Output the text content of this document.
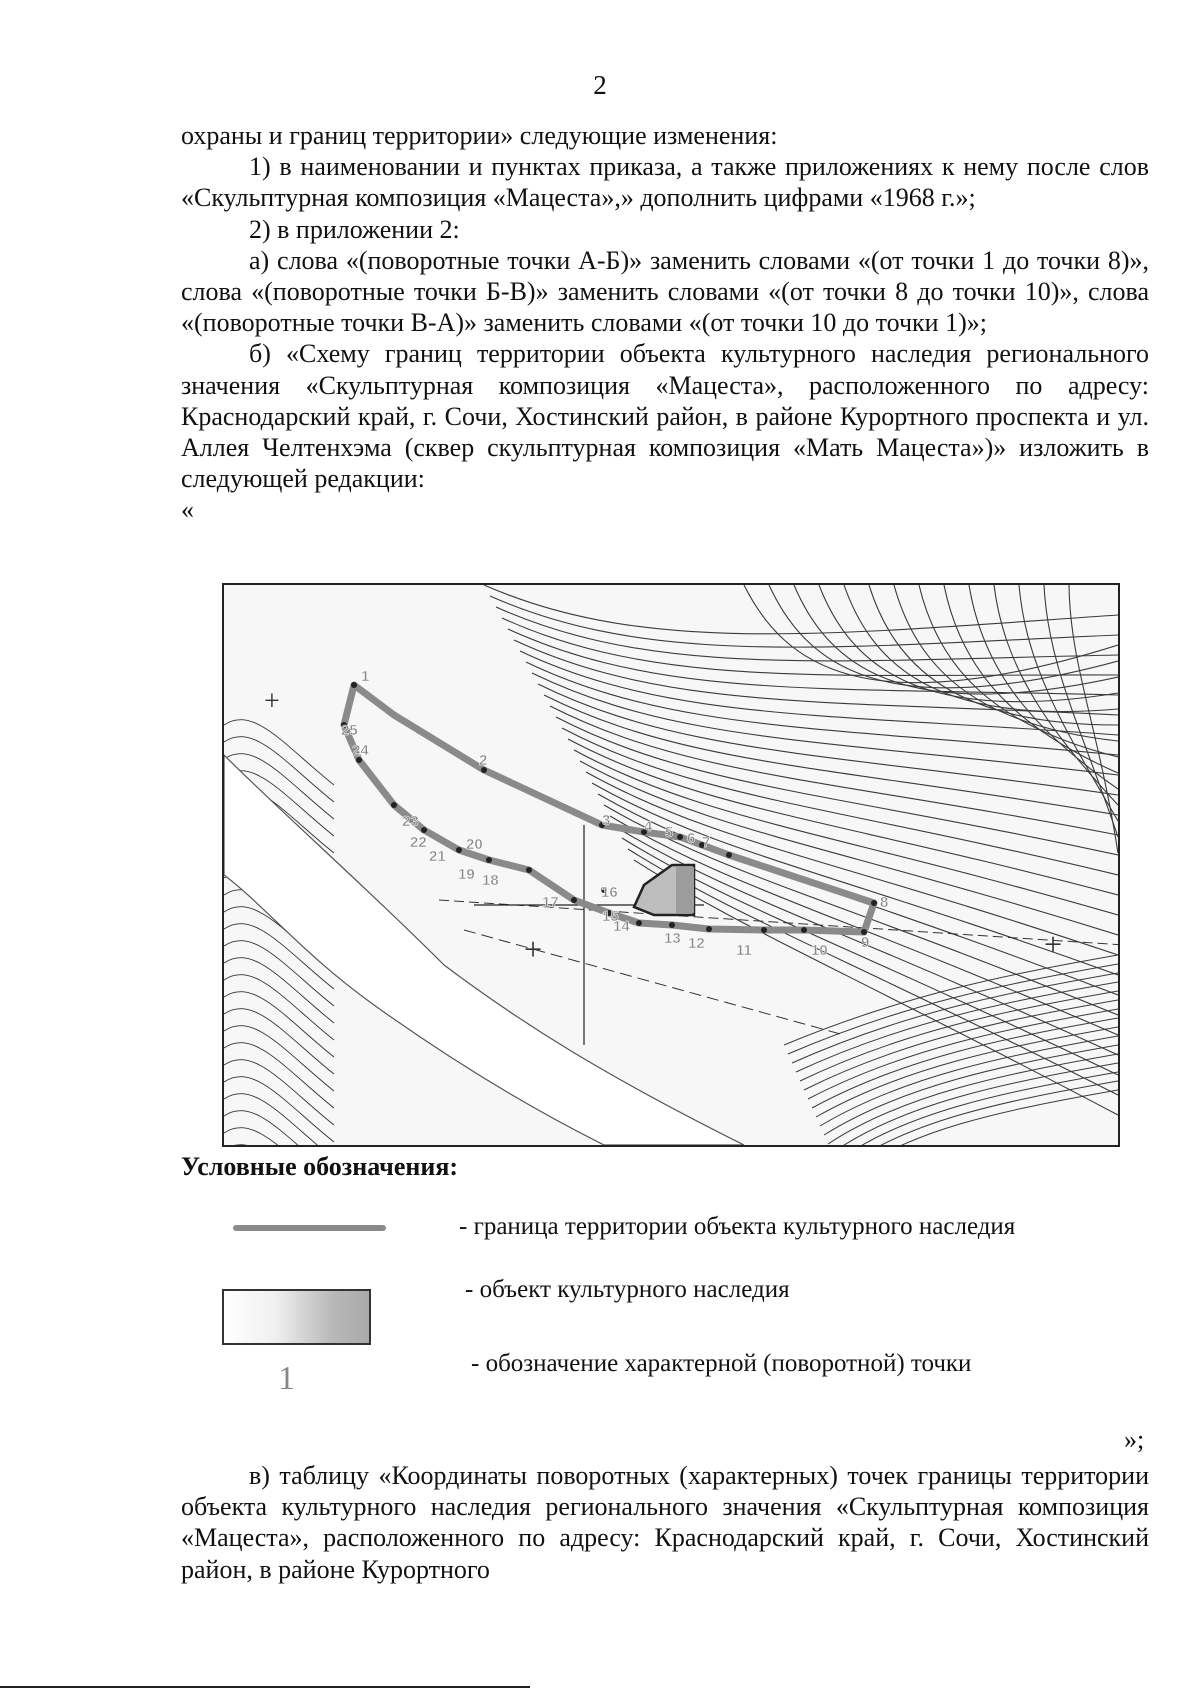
2

охраны и границ территории» следующие изменения:

1) в наименовании и пунктах приказа, а также приложениях к нему после слов «Скульптурная композиция «Мацеста»,» дополнить цифрами «1968 г.»;

2) в приложении 2:

а) слова «(поворотные точки А-Б)» заменить словами «(от точки 1 до точки 8)», слова «(поворотные точки Б-В)» заменить словами «(от точки 8 до точки 10)», слова «(поворотные точки В-А)» заменить словами «(от точки 10 до точки 1)»;

б) «Схему границ территории объекта культурного наследия регионального значения «Скульптурная композиция «Мацеста», расположенного по адресу: Краснодарский край, г. Сочи, Хостинский район, в районе Курортного проспекта и ул. Аллея Челтенхэма (сквер скульптурная композиция «Мать Мацеста»)» изложить в следующей редакции:

«

+	+
+
1
2
3 4 5 6 7
8
9
10
11
12
13
14
15
16
17
18
19
20
21
22
23
24
25
Условные обозначения:
- граница территории объекта культурного наследия
- объект культурного наследия
1	- обозначение характерной (поворотной) точки
»;

в) таблицу «Координаты поворотных (характерных) точек границы территории объекта культурного наследия регионального значения «Скульптурная композиция «Мацеста», расположенного по адресу: Краснодарский край, г. Сочи, Хостинский район, в районе Курортного
